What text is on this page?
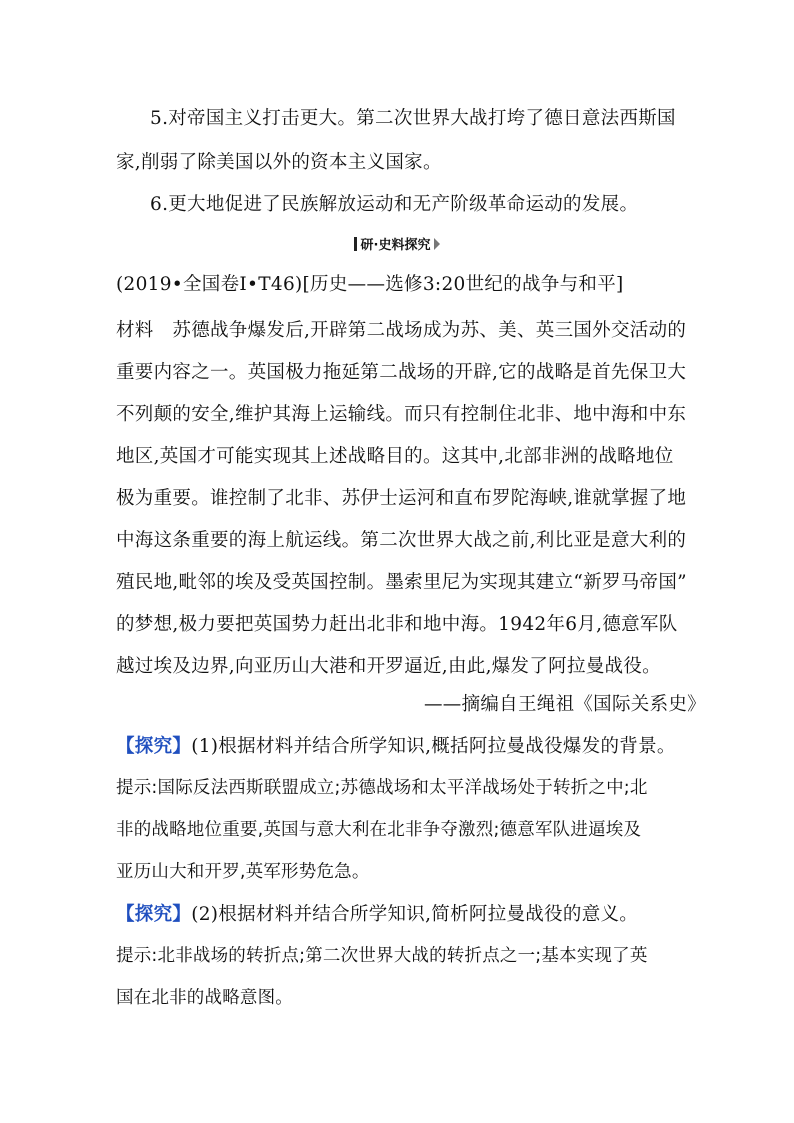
5.对帝国主义打击更大。第二次世界大战打垮了德日意法西斯国
家,削弱了除美国以外的资本主义国家。
6.更大地促进了民族解放运动和无产阶级革命运动的发展。
研·史料探究
(2019•全国卷Ⅰ•T46)[历史——选修3:20世纪的战争与和平]
材料　苏德战争爆发后,开辟第二战场成为苏、美、英三国外交活动的
重要内容之一。英国极力拖延第二战场的开辟,它的战略是首先保卫大
不列颠的安全,维护其海上运输线。而只有控制住北非、地中海和中东
地区,英国才可能实现其上述战略目的。这其中,北部非洲的战略地位
极为重要。谁控制了北非、苏伊士运河和直布罗陀海峡,谁就掌握了地
中海这条重要的海上航运线。第二次世界大战之前,利比亚是意大利的
殖民地,毗邻的埃及受英国控制。墨索里尼为实现其建立“新罗马帝国”
的梦想,极力要把英国势力赶出北非和地中海。1942年6月,德意军队
越过埃及边界,向亚历山大港和开罗逼近,由此,爆发了阿拉曼战役。
——摘编自王绳祖《国际关系史》
【探究】(1)根据材料并结合所学知识,概括阿拉曼战役爆发的背景。
提示:国际反法西斯联盟成立;苏德战场和太平洋战场处于转折之中;北
非的战略地位重要,英国与意大利在北非争夺激烈;德意军队进逼埃及
亚历山大和开罗,英军形势危急。
【探究】(2)根据材料并结合所学知识,简析阿拉曼战役的意义。
提示:北非战场的转折点;第二次世界大战的转折点之一;基本实现了英
国在北非的战略意图。
